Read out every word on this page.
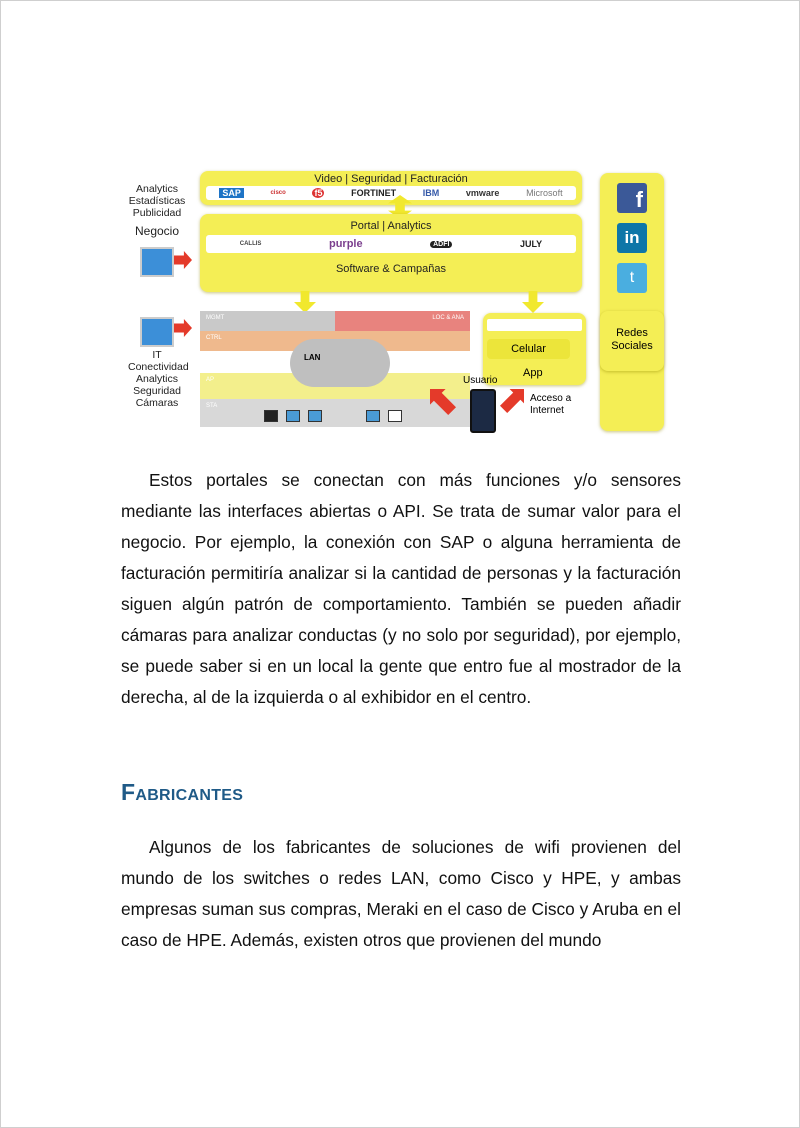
Analytics
Estadísticas
Publicidad
Negocio
IT
Conectividad
Analytics
Seguridad
Cámaras
Video | Seguridad | Facturación
SAP	cisco	f5	FORTINET	IBM	vmware	Microsoft
Portal | Analytics
CALLIS	purple	ADFI	JULY
Software & Campañas
MGMT	LOC & ANA
CTRL
AP
STA
LAN
Celular
App
Usuario
Acceso a
Internet
f
in
t
Redes
Sociales

Estos portales se conectan con más funciones y/o sensores mediante las interfaces abiertas o API. Se trata de sumar valor para el negocio. Por ejemplo, la conexión con SAP o alguna herramienta de facturación permitiría analizar si la cantidad de personas y la facturación siguen algún patrón de comportamiento. También se pueden añadir cámaras para analizar conductas (y no solo por seguridad), por ejemplo, se puede saber si en un local la gente que entro fue al mostrador de la derecha, al de la izquierda o al exhibidor en el centro.

Fabricantes

Algunos de los fabricantes de soluciones de wifi provienen del mundo de los switches o redes LAN, como Cisco y HPE, y ambas empresas suman sus compras, Meraki en el caso de Cisco y Aruba en el caso de HPE. Además, existen otros que provienen del mundo
